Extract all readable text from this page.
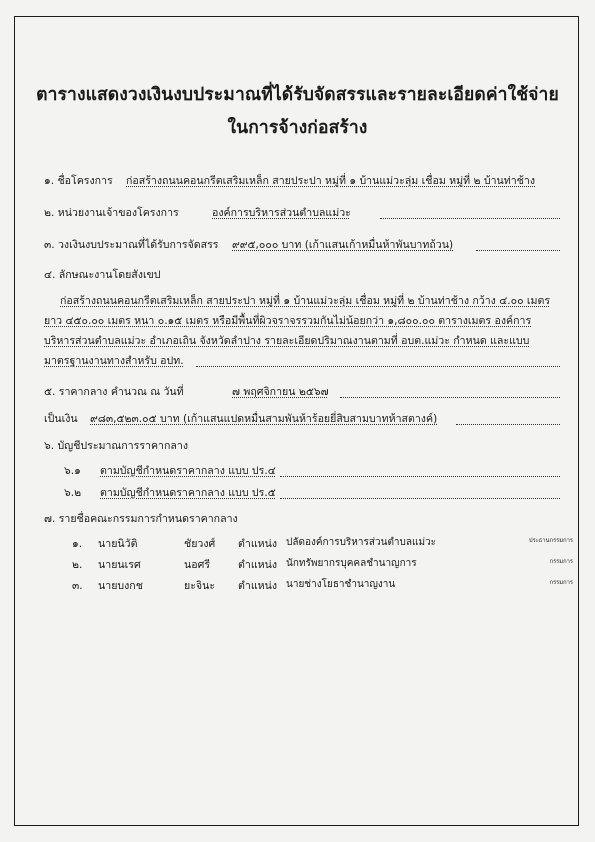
ตารางแสดงวงเงินงบประมาณที่ได้รับจัดสรรและรายละเอียดค่าใช้จ่าย
ในการจ้างก่อสร้าง
๑. ชื่อโครงการ ก่อสร้างถนนคอนกรีตเสริมเหล็ก สายประปา หมู่ที่ ๑ บ้านแม่วะลุ่ม เชื่อม หมู่ที่ ๒ บ้านท่าช้าง
๒. หน่วยงานเจ้าของโครงการ	องค์การบริหารส่วนตำบลแม่วะ
๓. วงเงินงบประมาณที่ได้รับการจัดสรร ๙๙๕,๐๐๐ บาท (เก้าแสนเก้าหมื่นห้าพันบาทถ้วน)
๔. ลักษณะงานโดยสังเขป
ก่อสร้างถนนคอนกรีตเสริมเหล็ก สายประปา หมู่ที่ ๑ บ้านแม่วะลุ่ม เชื่อม หมู่ที่ ๒ บ้านท่าช้าง กว้าง ๔.๐๐ เมตร
ยาว ๔๕๐.๐๐ เมตร หนา ๐.๑๕ เมตร หรือมีพื้นที่ผิวจราจรรวมกันไม่น้อยกว่า ๑,๘๐๐.๐๐ ตารางเมตร องค์การ
บริหารส่วนตำบลแม่วะ อำเภอเถิน จังหวัดลำปาง รายละเอียดปริมาณงานตามที่ อบต.แม่วะ กำหนด และแบบ
มาตรฐานงานทางสำหรับ อปท.
๕. ราคากลาง คำนวณ ณ วันที่	๗ พฤศจิกายน ๒๕๖๗
เป็นเงิน ๙๘๓,๕๒๓.๐๕ บาท (เก้าแสนแปดหมื่นสามพันห้าร้อยยี่สิบสามบาทห้าสตางค์)
๖. บัญชีประมาณการราคากลาง
๖.๑ ตามบัญชีกำหนดราคากลาง แบบ ปร.๔
๖.๒ ตามบัญชีกำหนดราคากลาง แบบ ปร.๕
๗. รายชื่อคณะกรรมการกำหนดราคากลาง
๑. นายนิวัติ	ชัยวงศ์ ตำแหน่ง ปลัดองค์การบริหารส่วนตำบลแม่วะ	ประธานกรรมการ
๒. นายนเรศ	นอศรี	ตำแหน่ง นักทรัพยากรบุคคลชำนาญการ	กรรมการ
๓. นายบงกช	ยะจินะ ตำแหน่ง นายช่างโยธาชำนาญงาน	กรรมการ
